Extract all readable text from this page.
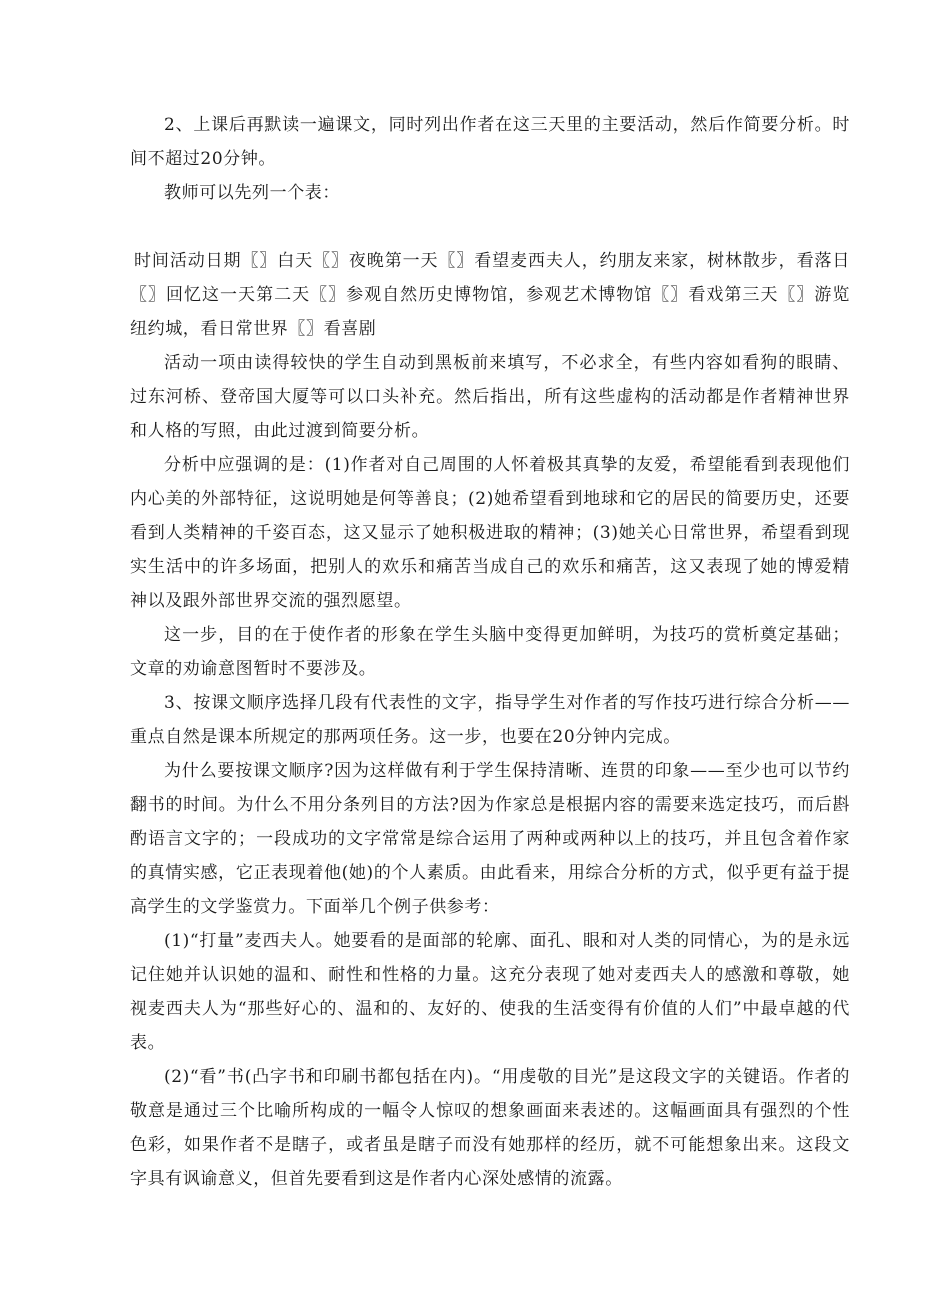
2、上课后再默读一遍课文，同时列出作者在这三天里的主要活动，然后作简要分析。时间不超过20分钟。

教师可以先列一个表：

时间活动日期〖〗白天〖〗夜晚第一天〖〗看望麦西夫人，约朋友来家，树林散步，看落日〖〗回忆这一天第二天〖〗参观自然历史博物馆，参观艺术博物馆〖〗看戏第三天〖〗游览纽约城，看日常世界〖〗看喜剧

活动一项由读得较快的学生自动到黑板前来填写，不必求全，有些内容如看狗的眼睛、过东河桥、登帝国大厦等可以口头补充。然后指出，所有这些虚构的活动都是作者精神世界和人格的写照，由此过渡到简要分析。

分析中应强调的是：(1)作者对自己周围的人怀着极其真挚的友爱，希望能看到表现他们内心美的外部特征，这说明她是何等善良；(2)她希望看到地球和它的居民的简要历史，还要看到人类精神的千姿百态，这又显示了她积极进取的精神；(3)她关心日常世界，希望看到现实生活中的许多场面，把别人的欢乐和痛苦当成自己的欢乐和痛苦，这又表现了她的博爱精神以及跟外部世界交流的强烈愿望。

这一步，目的在于使作者的形象在学生头脑中变得更加鲜明，为技巧的赏析奠定基础；文章的劝谕意图暂时不要涉及。

3、按课文顺序选择几段有代表性的文字，指导学生对作者的写作技巧进行综合分析——重点自然是课本所规定的那两项任务。这一步，也要在20分钟内完成。

为什么要按课文顺序?因为这样做有利于学生保持清晰、连贯的印象——至少也可以节约翻书的时间。为什么不用分条列目的方法?因为作家总是根据内容的需要来选定技巧，而后斟酌语言文字的；一段成功的文字常常是综合运用了两种或两种以上的技巧，并且包含着作家的真情实感，它正表现着他(她)的个人素质。由此看来，用综合分析的方式，似乎更有益于提高学生的文学鉴赏力。下面举几个例子供参考：

(1)“打量”麦西夫人。她要看的是面部的轮廓、面孔、眼和对人类的同情心，为的是永远记住她并认识她的温和、耐性和性格的力量。这充分表现了她对麦西夫人的感激和尊敬，她视麦西夫人为“那些好心的、温和的、友好的、使我的生活变得有价值的人们”中最卓越的代表。

(2)“看”书(凸字书和印刷书都包括在内)。“用虔敬的目光”是这段文字的关键语。作者的敬意是通过三个比喻所构成的一幅令人惊叹的想象画面来表述的。这幅画面具有强烈的个性色彩，如果作者不是瞎子，或者虽是瞎子而没有她那样的经历，就不可能想象出来。这段文字具有讽谕意义，但首先要看到这是作者内心深处感情的流露。
